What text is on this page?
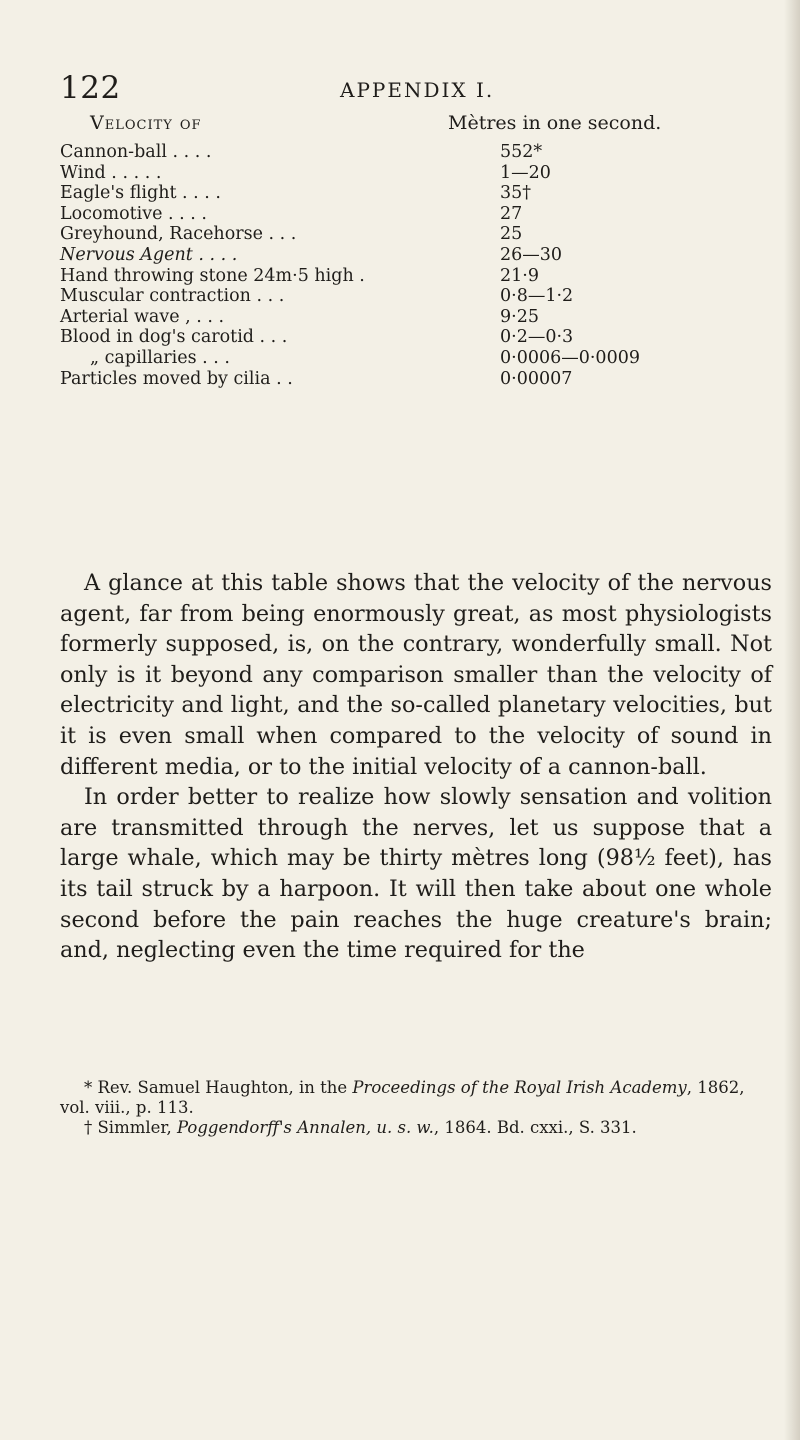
122	APPENDIX I.
Velocity of	Mètres in one second.
Cannon-ball . . . .	552*
Wind . . . . .	1—20
Eagle's flight . . . .	35†
Locomotive . . . .	27
Greyhound, Racehorse . . .	25
Nervous Agent . . . .	26—30
Hand throwing stone 24m·5 high .	21·9
Muscular contraction . . .	0·8—1·2
Arterial wave , . . .	9·25
Blood in dog's carotid . . .	0·2—0·3
„ capillaries . . .	0·0006—0·0009
Particles moved by cilia . .	0·00007

A glance at this table shows that the velocity of the nervous agent, far from being enormously great, as most physiologists formerly supposed, is, on the contrary, wonderfully small. Not only is it beyond any comparison smaller than the velocity of electricity and light, and the so-called planetary velocities, but it is even small when compared to the velocity of sound in different media, or to the initial velocity of a cannon-ball.

In order better to realize how slowly sensation and volition are transmitted through the nerves, let us suppose that a large whale, which may be thirty mètres long (98½ feet), has its tail struck by a harpoon. It will then take about one whole second before the pain reaches the huge creature's brain; and, neglecting even the time required for the

* Rev. Samuel Haughton, in the Proceedings of the Royal Irish Academy, 1862, vol. viii., p. 113.

† Simmler, Poggendorff's Annalen, u. s. w., 1864. Bd. cxxi., S. 331.
